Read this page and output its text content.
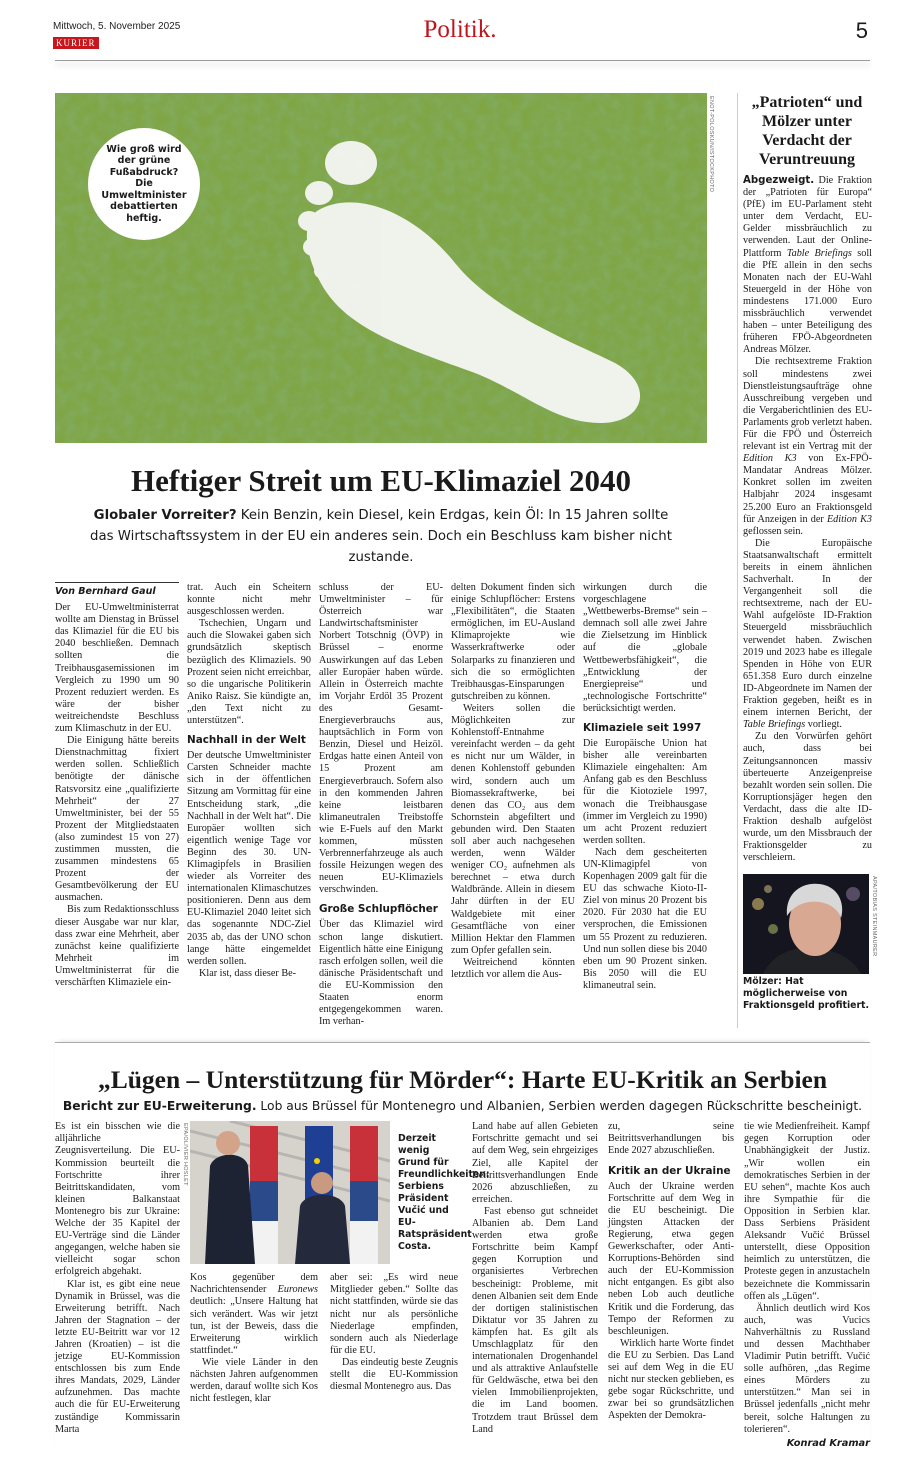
Mittwoch, 5. November 2025
KURIER	Politik.	5
ENOT-POLOSKUN/ISTOCKPHOTO
Wie groß wird der grüne Fußabdruck? Die Umweltminister debattierten heftig.
Heftiger Streit um EU-Klimaziel 2040
Globaler Vorreiter? Kein Benzin, kein Diesel, kein Erdgas, kein Öl: In 15 Jahren sollte das Wirtschaftssystem in der EU ein anderes sein. Doch ein Beschluss kam bisher nicht zustande.
Von Bernhard Gaul

Der EU-Umweltministerrat wollte am Dienstag in Brüssel das Klimaziel für die EU bis 2040 beschließen. Demnach sollten die Treibhausgasemissionen im Vergleich zu 1990 um 90 Prozent reduziert werden. Es wäre der bisher weitreichendste Beschluss zum Klimaschutz in der EU.

Die Einigung hätte bereits Dienstnachmittag fixiert werden sollen. Schließlich benötigte der dänische Ratsvorsitz eine „qualifizierte Mehrheit“ der 27 Umweltminister, bei der 55 Prozent der Mitgliedstaaten (also zumindest 15 von 27) zustimmen mussten, die zusammen mindestens 65 Prozent der Gesamtbevölkerung der EU ausmachen.

Bis zum Redaktionsschluss dieser Ausgabe war nur klar, dass zwar eine Mehrheit, aber zunächst keine qualifizierte Mehrheit im Umweltministerrat für die verschärften Klimaziele ein-

trat. Auch ein Scheitern konnte nicht mehr ausgeschlossen werden.

Tschechien, Ungarn und auch die Slowakei gaben sich grundsätzlich skeptisch bezüglich des Klimaziels. 90 Prozent seien nicht erreichbar, so die ungarische Politikerin Aniko Raisz. Sie kündigte an, „den Text nicht zu unterstützen“.

Nachhall in der Welt

Der deutsche Umweltminister Carsten Schneider machte sich in der öffentlichen Sitzung am Vormittag für eine Entscheidung stark, „die Nachhall in der Welt hat“. Die Europäer wollten sich eigentlich wenige Tage vor Beginn des 30. UN-Klimagipfels in Brasilien wieder als Vorreiter des internationalen Klimaschutzes positionieren. Denn aus dem EU-Klimaziel 2040 leitet sich das sogenannte NDC-Ziel 2035 ab, das der UNO schon lange hätte eingemeldet werden sollen.

Klar ist, dass dieser Be-

schluss der EU-Umweltminister – für Österreich war Landwirtschaftsminister Norbert Totschnig (ÖVP) in Brüssel – enorme Auswirkungen auf das Leben aller Europäer haben würde. Allein in Österreich machte im Vorjahr Erdöl 35 Prozent des Gesamt-Energieverbrauchs aus, hauptsächlich in Form von Benzin, Diesel und Heizöl. Erdgas hatte einen Anteil von 15 Prozent am Energieverbrauch. Sofern also in den kommenden Jahren keine leistbaren klimaneutralen Treibstoffe wie E-Fuels auf den Markt kommen, müssten Verbrennerfahrzeuge als auch fossile Heizungen wegen des neuen EU-Klimaziels verschwinden.

Große Schlupflöcher

Über das Klimaziel wird schon lange diskutiert. Eigentlich hätte eine Einigung rasch erfolgen sollen, weil die dänische Präsidentschaft und die EU-Kommission den Staaten enorm entgegengekommen waren. Im verhan-

delten Dokument finden sich einige Schlupflöcher: Erstens „Flexibilitäten“, die Staaten ermöglichen, im EU-Ausland Klimaprojekte wie Wasserkraftwerke oder Solarparks zu finanzieren und sich die so ermöglichten Treibhausgas-Einsparungen gutschreiben zu können.

Weiters sollen die Möglichkeiten zur Kohlenstoff-Entnahme vereinfacht werden – da geht es nicht nur um Wälder, in denen Kohlenstoff gebunden wird, sondern auch um Biomassekraftwerke, bei denen das CO₂ aus dem Schornstein abgefiltert und gebunden wird. Den Staaten soll aber auch nachgesehen werden, wenn Wälder weniger CO₂ aufnehmen als berechnet – etwa durch Waldbrände. Allein in diesem Jahr dürften in der EU Waldgebiete mit einer Gesamtfläche von einer Million Hektar den Flammen zum Opfer gefallen sein.

Weitreichend könnten letztlich vor allem die Aus-

wirkungen durch die vorgeschlagene „Wettbewerbs-Bremse“ sein – demnach soll alle zwei Jahre die Zielsetzung im Hinblick auf die „globale Wettbewerbsfähigkeit“, die „Entwicklung der Energiepreise“ und „technologische Fortschritte“ berücksichtigt werden.

Klimaziele seit 1997

Die Europäische Union hat bisher alle vereinbarten Klimaziele eingehalten: Am Anfang gab es den Beschluss für die Kiotoziele 1997, wonach die Treibhausgase (immer im Vergleich zu 1990) um acht Prozent reduziert werden sollten.

Nach dem gescheiterten UN-Klimagipfel von Kopenhagen 2009 galt für die EU das schwache Kioto-II-Ziel von minus 20 Prozent bis 2020. Für 2030 hat die EU versprochen, die Emissionen um 55 Prozent zu reduzieren. Und nun sollen diese bis 2040 eben um 90 Prozent sinken. Bis 2050 will die EU klimaneutral sein.

„Patrioten“ und Mölzer unter Verdacht der Veruntreuung

Abgezweigt. Die Fraktion der „Patrioten für Europa“ (PfE) im EU-Parlament steht unter dem Verdacht, EU-Gelder missbräuchlich zu verwenden. Laut der Online-Plattform Table Briefings soll die PfE allein in den sechs Monaten nach der EU-Wahl Steuergeld in der Höhe von mindestens 171.000 Euro missbräuchlich verwendet haben – unter Beteiligung des früheren FPÖ-Abgeordneten Andreas Mölzer.

Die rechtsextreme Fraktion soll mindestens zwei Dienstleistungsaufträge ohne Ausschreibung vergeben und die Vergaberichtlinien des EU-Parlaments grob verletzt haben. Für die FPÖ und Österreich relevant ist ein Vertrag mit der Edition K3 von Ex-FPÖ-Mandatar Andreas Mölzer. Konkret sollen im zweiten Halbjahr 2024 insgesamt 25.200 Euro an Fraktionsgeld für Anzeigen in der Edition K3 geflossen sein.

Die Europäische Staatsanwaltschaft ermittelt bereits in einem ähnlichen Sachverhalt. In der Vergangenheit soll die rechtsextreme, nach der EU-Wahl aufgelöste ID-Fraktion Steuergeld missbräuchlich verwendet haben. Zwischen 2019 und 2023 habe es illegale Spenden in Höhe von EUR 651.358 Euro durch einzelne ID-Abgeordnete im Namen der Fraktion gegeben, heißt es in einem internen Bericht, der Table Briefings vorliegt.

Zu den Vorwürfen gehört auch, dass bei Zeitungsannoncen massiv überteuerte Anzeigenpreise bezahlt worden sein sollen. Die Korruptionsjäger hegen den Verdacht, dass die alte ID-Fraktion deshalb aufgelöst wurde, um den Missbrauch der Fraktionsgelder zu verschleiern.

APA/TOBIAS STEINMAURER
Mölzer: Hat möglicherweise von Fraktionsgeld profitiert.
„Lügen – Unterstützung für Mörder“: Harte EU-Kritik an Serbien
Bericht zur EU-Erweiterung. Lob aus Brüssel für Montenegro und Albanien, Serbien werden dagegen Rückschritte bescheinigt.

Es ist ein bisschen wie die alljährliche Zeugnisverteilung. Die EU-Kommission beurteilt die Fortschritte ihrer Beitrittskandidaten, vom kleinen Balkanstaat Montenegro bis zur Ukraine: Welche der 35 Kapitel der EU-Verträge sind die Länder angegangen, welche haben sie vielleicht sogar schon erfolgreich abgehakt.

Klar ist, es gibt eine neue Dynamik in Brüssel, was die Erweiterung betrifft. Nach Jahren der Stagnation – der letzte EU-Beitritt war vor 12 Jahren (Kroatien) – ist die jetzige EU-Kommission entschlossen bis zum Ende ihres Mandats, 2029, Länder aufzunehmen. Das machte auch die für EU-Erweiterung zuständige Kommissarin Marta

EPA/OLIVIER HOSLET	Derzeit wenig Grund für Freundlichkeiten: Serbiens Präsident Vučić und EU-Ratspräsident Costa.

Kos gegenüber dem Nachrichtensender Euronews deutlich: „Unsere Haltung hat sich verändert. Was wir jetzt tun, ist der Beweis, dass die Erweiterung wirklich stattfindet.“

Wie viele Länder in den nächsten Jahren aufgenommen werden, darauf wollte sich Kos nicht festlegen, klar

aber sei: „Es wird neue Mitglieder geben.“ Sollte das nicht stattfinden, würde sie das nicht nur als persönliche Niederlage empfinden, sondern auch als Niederlage für die EU.

Das eindeutig beste Zeugnis stellt die EU-Kommission diesmal Montenegro aus. Das

Land habe auf allen Gebieten Fortschritte gemacht und sei auf dem Weg, sein ehrgeiziges Ziel, alle Kapitel der Beitrittsverhandlungen Ende 2026 abzuschließen, zu erreichen.

Fast ebenso gut schneidet Albanien ab. Dem Land werden etwa große Fortschritte beim Kampf gegen Korruption und organisiertes Verbrechen bescheinigt: Probleme, mit denen Albanien seit dem Ende der dortigen stalinistischen Diktatur vor 35 Jahren zu kämpfen hat. Es gilt als Umschlagplatz für den internationalen Drogenhandel und als attraktive Anlaufstelle für Geldwäsche, etwa bei den vielen Immobilienprojekten, die im Land boomen. Trotzdem traut Brüssel dem Land

zu, seine Beitrittsverhandlungen bis Ende 2027 abzuschließen.

Kritik an der Ukraine

Auch der Ukraine werden Fortschritte auf dem Weg in die EU bescheinigt. Die jüngsten Attacken der Regierung, etwa gegen Gewerkschafter, oder Anti-Korruptions-Behörden sind auch der EU-Kommission nicht entgangen. Es gibt also neben Lob auch deutliche Kritik und die Forderung, das Tempo der Reformen zu beschleunigen.

Wirklich harte Worte findet die EU zu Serbien. Das Land sei auf dem Weg in die EU nicht nur stecken geblieben, es gebe sogar Rückschritte, und zwar bei so grundsätzlichen Aspekten der Demokra-

tie wie Medienfreiheit. Kampf gegen Korruption oder Unabhängigkeit der Justiz. „Wir wollen ein demokratisches Serbien in der EU sehen“, machte Kos auch ihre Sympathie für die Opposition in Serbien klar. Dass Serbiens Präsident Aleksandr Vučić Brüssel unterstellt, diese Opposition heimlich zu unterstützen, die Proteste gegen in anzustacheln bezeichnete die Kommissarin offen als „Lügen“.

Ähnlich deutlich wird Kos auch, was Vucics Nahverhältnis zu Russland und dessen Machthaber Vladimir Putin betrifft. Vučić solle aufhören, „das Regime eines Mörders zu unterstützen.“ Man sei in Brüssel jedenfalls „nicht mehr bereit, solche Haltungen zu tolerieren“.

Konrad Kramar
